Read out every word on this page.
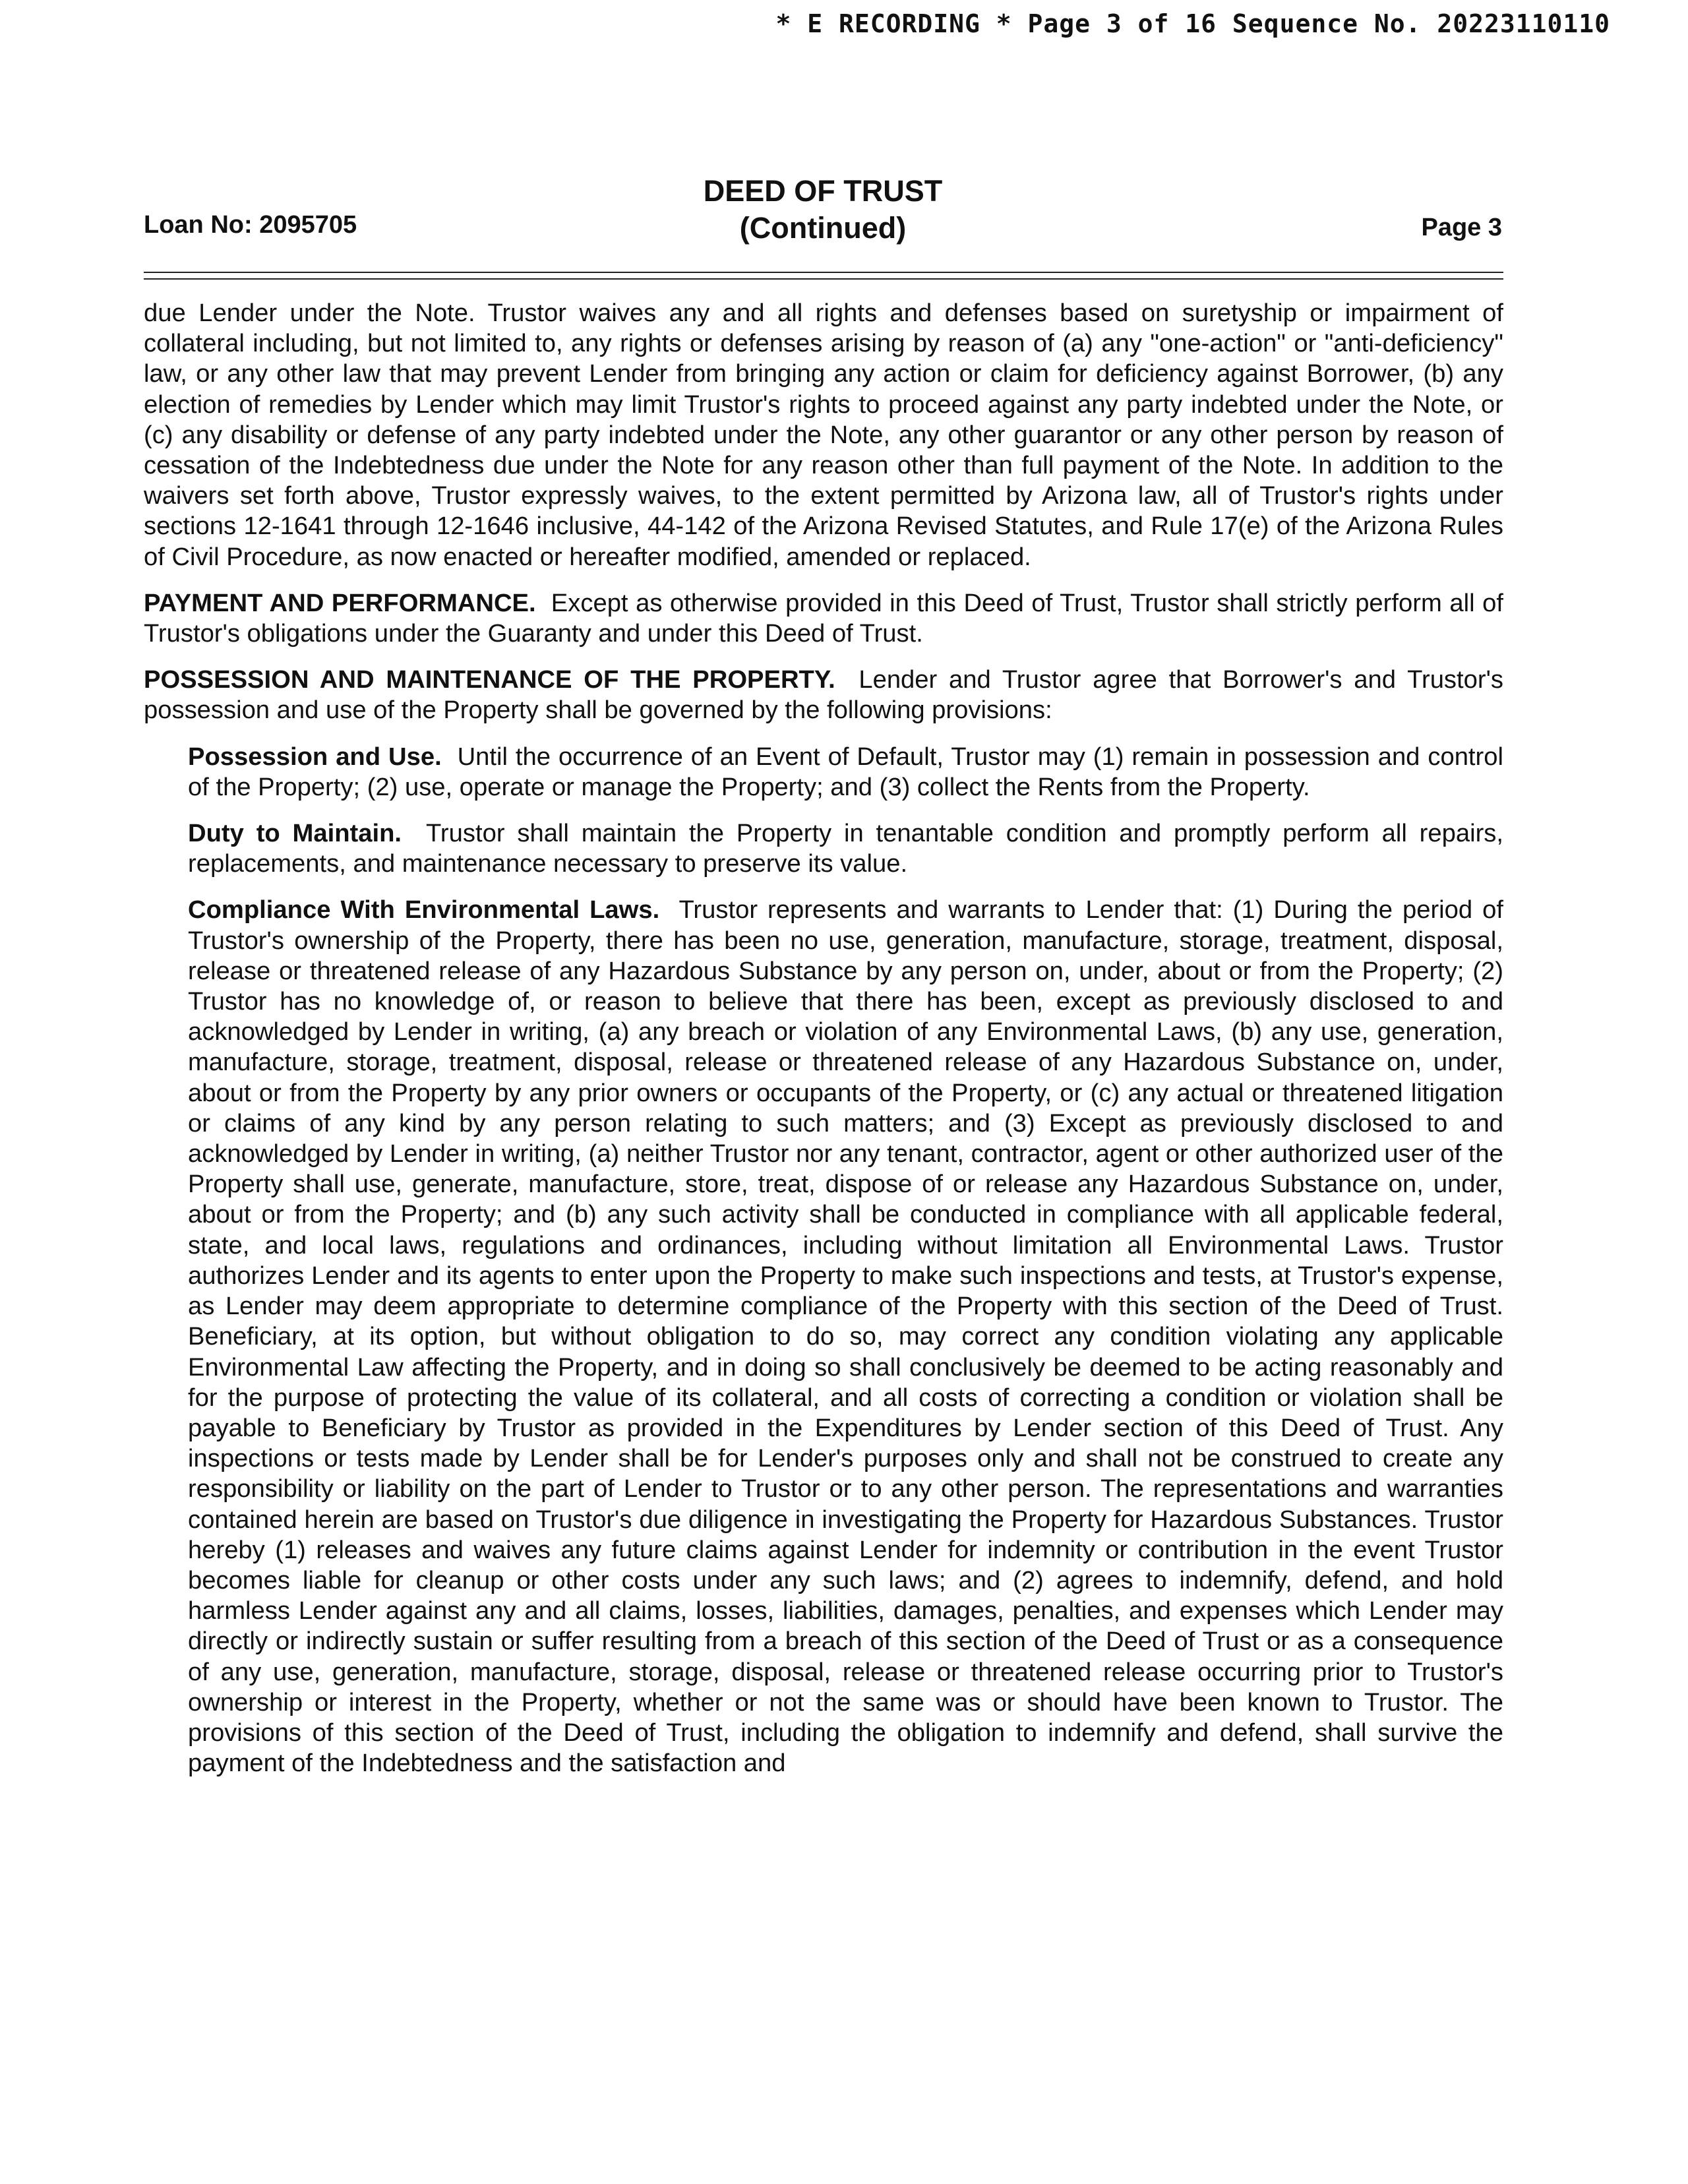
* E RECORDING * Page 3 of 16 Sequence No. 20223110110
Loan No: 2095705
DEED OF TRUST
(Continued)	Page 3

due Lender under the Note. Trustor waives any and all rights and defenses based on suretyship or impairment of collateral including, but not limited to, any rights or defenses arising by reason of (a) any "one-action" or "anti-deficiency" law, or any other law that may prevent Lender from bringing any action or claim for deficiency against Borrower, (b) any election of remedies by Lender which may limit Trustor's rights to proceed against any party indebted under the Note, or (c) any disability or defense of any party indebted under the Note, any other guarantor or any other person by reason of cessation of the Indebtedness due under the Note for any reason other than full payment of the Note. In addition to the waivers set forth above, Trustor expressly waives, to the extent permitted by Arizona law, all of Trustor's rights under sections 12-1641 through 12-1646 inclusive, 44-142 of the Arizona Revised Statutes, and Rule 17(e) of the Arizona Rules of Civil Procedure, as now enacted or hereafter modified, amended or replaced.

PAYMENT AND PERFORMANCE. Except as otherwise provided in this Deed of Trust, Trustor shall strictly perform all of Trustor's obligations under the Guaranty and under this Deed of Trust.

POSSESSION AND MAINTENANCE OF THE PROPERTY. Lender and Trustor agree that Borrower's and Trustor's possession and use of the Property shall be governed by the following provisions:

Possession and Use. Until the occurrence of an Event of Default, Trustor may (1) remain in possession and control of the Property; (2) use, operate or manage the Property; and (3) collect the Rents from the Property.

Duty to Maintain. Trustor shall maintain the Property in tenantable condition and promptly perform all repairs, replacements, and maintenance necessary to preserve its value.

Compliance With Environmental Laws. Trustor represents and warrants to Lender that: (1) During the period of Trustor's ownership of the Property, there has been no use, generation, manufacture, storage, treatment, disposal, release or threatened release of any Hazardous Substance by any person on, under, about or from the Property; (2) Trustor has no knowledge of, or reason to believe that there has been, except as previously disclosed to and acknowledged by Lender in writing, (a) any breach or violation of any Environmental Laws, (b) any use, generation, manufacture, storage, treatment, disposal, release or threatened release of any Hazardous Substance on, under, about or from the Property by any prior owners or occupants of the Property, or (c) any actual or threatened litigation or claims of any kind by any person relating to such matters; and (3) Except as previously disclosed to and acknowledged by Lender in writing, (a) neither Trustor nor any tenant, contractor, agent or other authorized user of the Property shall use, generate, manufacture, store, treat, dispose of or release any Hazardous Substance on, under, about or from the Property; and (b) any such activity shall be conducted in compliance with all applicable federal, state, and local laws, regulations and ordinances, including without limitation all Environmental Laws. Trustor authorizes Lender and its agents to enter upon the Property to make such inspections and tests, at Trustor's expense, as Lender may deem appropriate to determine compliance of the Property with this section of the Deed of Trust. Beneficiary, at its option, but without obligation to do so, may correct any condition violating any applicable Environmental Law affecting the Property, and in doing so shall conclusively be deemed to be acting reasonably and for the purpose of protecting the value of its collateral, and all costs of correcting a condition or violation shall be payable to Beneficiary by Trustor as provided in the Expenditures by Lender section of this Deed of Trust. Any inspections or tests made by Lender shall be for Lender's purposes only and shall not be construed to create any responsibility or liability on the part of Lender to Trustor or to any other person. The representations and warranties contained herein are based on Trustor's due diligence in investigating the Property for Hazardous Substances. Trustor hereby (1) releases and waives any future claims against Lender for indemnity or contribution in the event Trustor becomes liable for cleanup or other costs under any such laws; and (2) agrees to indemnify, defend, and hold harmless Lender against any and all claims, losses, liabilities, damages, penalties, and expenses which Lender may directly or indirectly sustain or suffer resulting from a breach of this section of the Deed of Trust or as a consequence of any use, generation, manufacture, storage, disposal, release or threatened release occurring prior to Trustor's ownership or interest in the Property, whether or not the same was or should have been known to Trustor. The provisions of this section of the Deed of Trust, including the obligation to indemnify and defend, shall survive the payment of the Indebtedness and the satisfaction and
